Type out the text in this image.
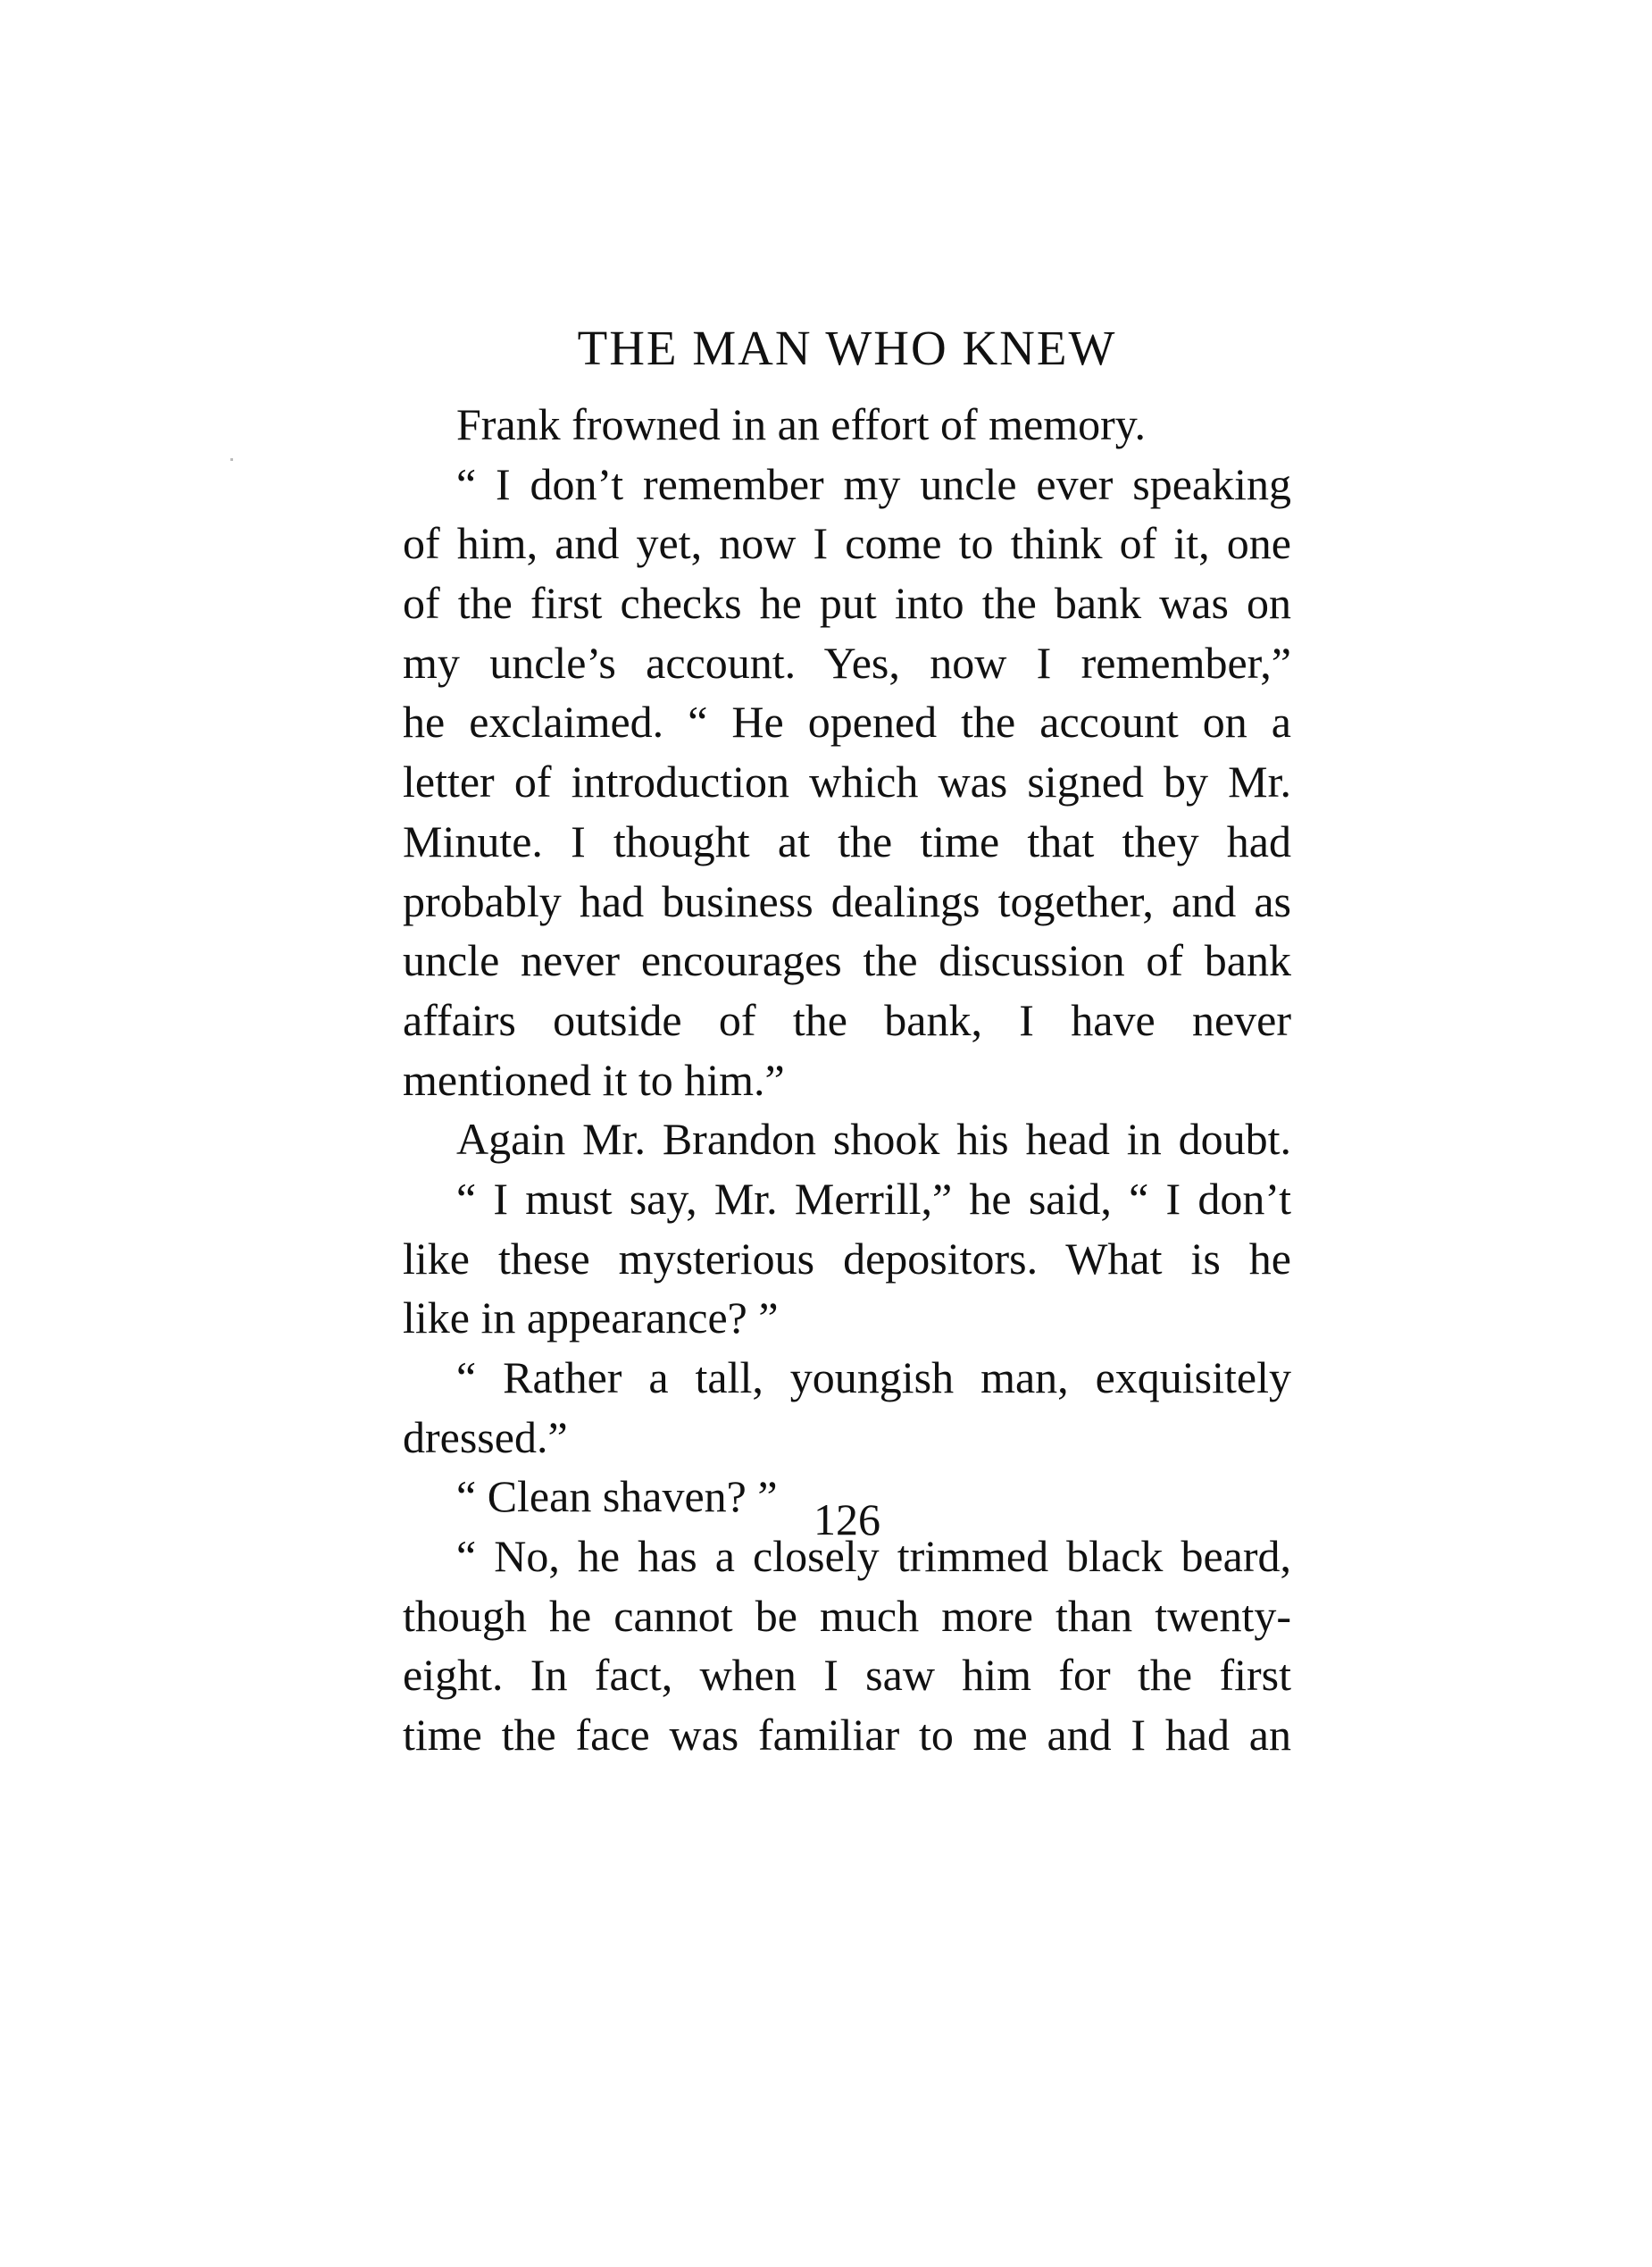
THE MAN WHO KNEW
Frank frowned in an effort of memory.
“ I don’t remember my uncle ever speaking
of him, and yet, now I come to think of it, one
of the first checks he put into the bank was on
my uncle’s account. Yes, now I remember,”
he exclaimed. “ He opened the account on a
letter of introduction which was signed by Mr.
Minute. I thought at the time that they had
probably had business dealings together, and as
uncle never encourages the discussion of bank
affairs outside of the bank, I have never
mentioned it to him.”
Again Mr. Brandon shook his head in doubt.
“ I must say, Mr. Merrill,” he said, “ I don’t
like these mysterious depositors. What is he
like in appearance? ”
“ Rather a tall, youngish man, exquisitely
dressed.”
“ Clean shaven? ”
“ No, he has a closely trimmed black beard,
though he cannot be much more than twenty-
eight. In fact, when I saw him for the first
time the face was familiar to me and I had an
126
